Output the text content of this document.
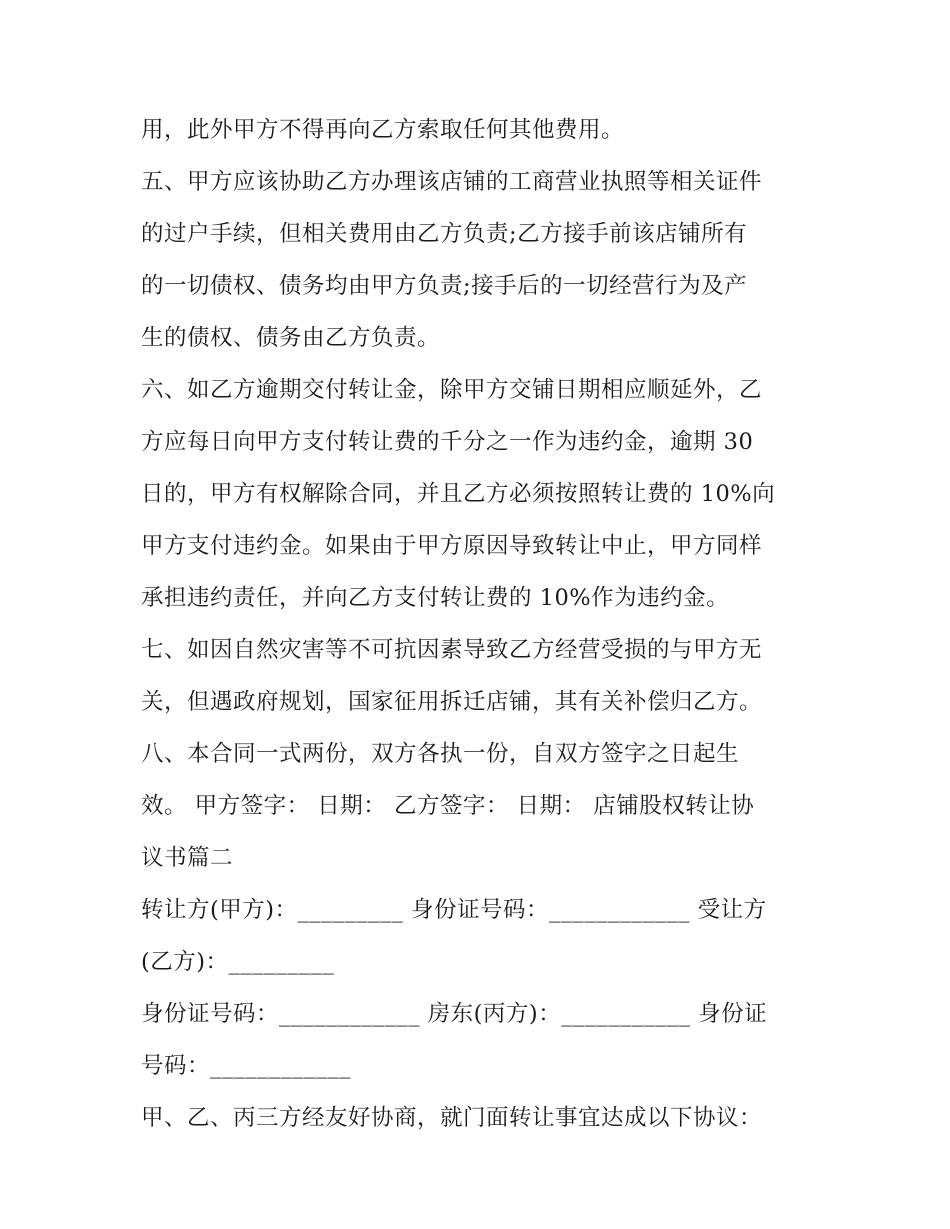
用，此外甲方不得再向乙方索取任何其他费用。
五、甲方应该协助乙方办理该店铺的工商营业执照等相关证件
的过户手续，但相关费用由乙方负责;乙方接手前该店铺所有
的一切债权、债务均由甲方负责;接手后的一切经营行为及产
生的债权、债务由乙方负责。
六、如乙方逾期交付转让金，除甲方交铺日期相应顺延外，乙
方应每日向甲方支付转让费的千分之一作为违约金，逾期 30
日的，甲方有权解除合同，并且乙方必须按照转让费的 10%向
甲方支付违约金。如果由于甲方原因导致转让中止，甲方同样
承担违约责任，并向乙方支付转让费的 10%作为违约金。
七、如因自然灾害等不可抗因素导致乙方经营受损的与甲方无
关，但遇政府规划，国家征用拆迁店铺，其有关补偿归乙方。
八、本合同一式两份，双方各执一份，自双方签字之日起生
效。 甲方签字： 日期： 乙方签字： 日期： 店铺股权转让协
议书篇二
转让方(甲方)：_________ 身份证号码：____________ 受让方
(乙方)：_________
身份证号码：____________ 房东(丙方)：___________ 身份证
号码：____________
甲、乙、丙三方经友好协商，就门面转让事宜达成以下协议：
